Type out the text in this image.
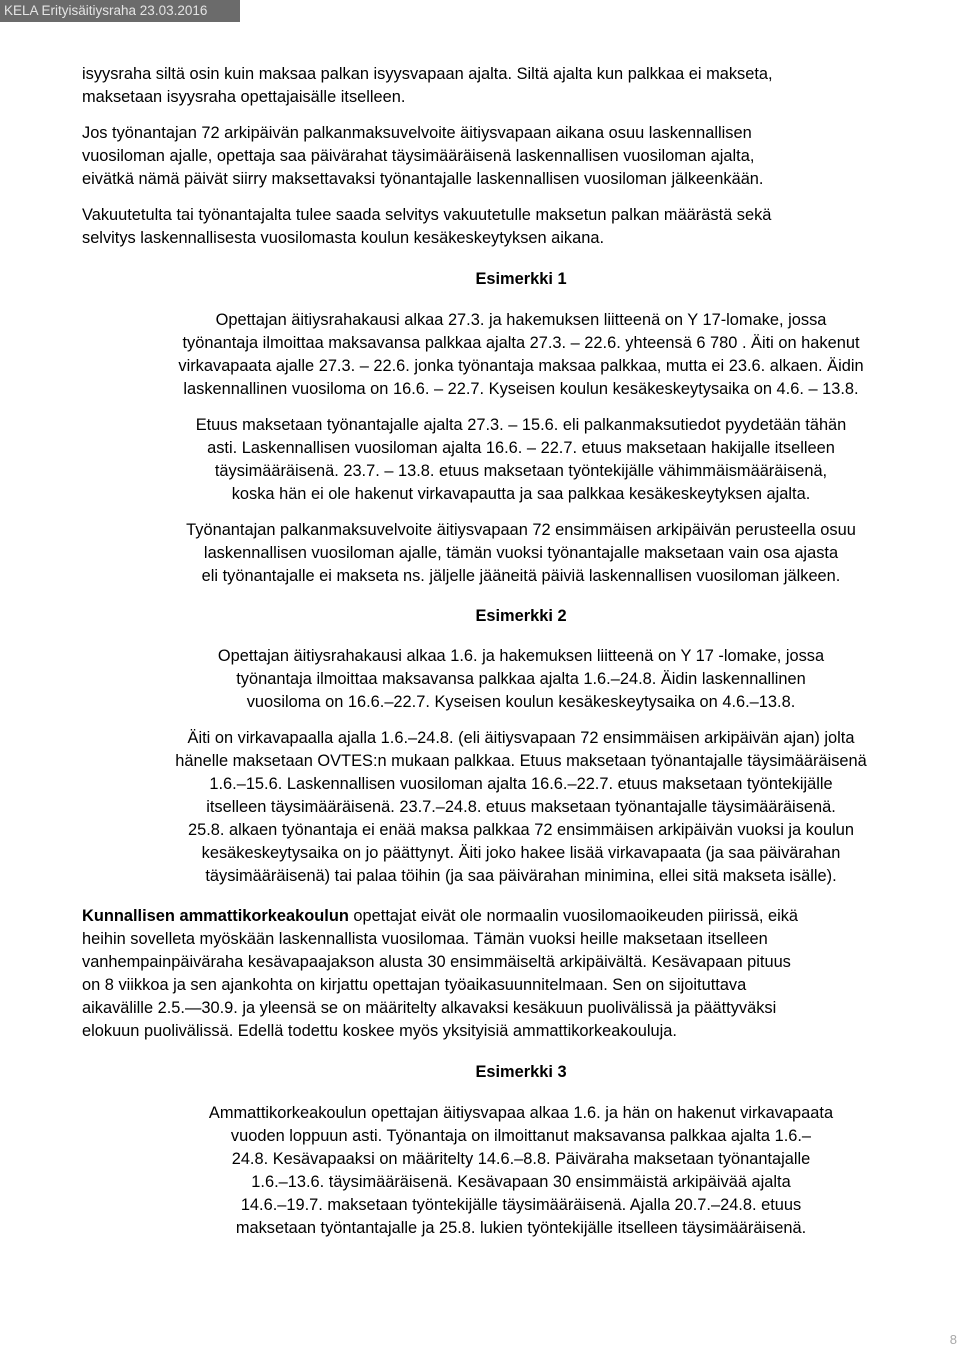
KELA Erityisäitiysraha 23.03.2016

isyysraha siltä osin kuin maksaa palkan isyysvapaan ajalta. Siltä ajalta kun palkkaa ei makseta,
maksetaan isyysraha opettajaisälle itselleen.

Jos työnantajan 72 arkipäivän palkanmaksuvelvoite äitiysvapaan aikana osuu laskennallisen
vuosiloman ajalle, opettaja saa päivärahat täysimääräisenä laskennallisen vuosiloman ajalta,
eivätkä nämä päivät siirry maksettavaksi työnantajalle laskennallisen vuosiloman jälkeenkään.

Vakuutetulta tai työnantajalta tulee saada selvitys vakuutetulle maksetun palkan määrästä sekä
selvitys laskennallisesta vuosilomasta koulun kesäkeskeytyksen aikana.

Esimerkki 1

Opettajan äitiysrahakausi alkaa 27.3. ja hakemuksen liitteenä on Y 17-lomake, jossa
työnantaja ilmoittaa maksavansa palkkaa ajalta 27.3. – 22.6. yhteensä 6 780 . Äiti on hakenut
virkavapaata ajalle 27.3. – 22.6. jonka työnantaja maksaa palkkaa, mutta ei 23.6. alkaen. Äidin
laskennallinen vuosiloma on 16.6. – 22.7. Kyseisen koulun kesäkeskeytysaika on 4.6. – 13.8.

Etuus maksetaan työnantajalle ajalta 27.3. – 15.6. eli palkanmaksutiedot pyydetään tähän
asti. Laskennallisen vuosiloman ajalta 16.6. – 22.7. etuus maksetaan hakijalle itselleen
täysimääräisenä. 23.7. – 13.8. etuus maksetaan työntekijälle vähimmäismääräisenä,
koska hän ei ole hakenut virkavapautta ja saa palkkaa kesäkeskeytyksen ajalta.

Työnantajan palkanmaksuvelvoite äitiysvapaan 72 ensimmäisen arkipäivän perusteella osuu
laskennallisen vuosiloman ajalle, tämän vuoksi työnantajalle maksetaan vain osa ajasta
eli työnantajalle ei makseta ns. jäljelle jääneitä päiviä laskennallisen vuosiloman jälkeen.

Esimerkki 2

Opettajan äitiysrahakausi alkaa 1.6. ja hakemuksen liitteenä on Y 17 -lomake, jossa
työnantaja ilmoittaa maksavansa palkkaa ajalta 1.6.–24.8. Äidin laskennallinen
vuosiloma on 16.6.–22.7. Kyseisen koulun kesäkeskeytysaika on 4.6.–13.8.

Äiti on virkavapaalla ajalla 1.6.–24.8. (eli äitiysvapaan 72 ensimmäisen arkipäivän ajan) jolta
hänelle maksetaan OVTES:n mukaan palkkaa. Etuus maksetaan työnantajalle täysimääräisenä
1.6.–15.6. Laskennallisen vuosiloman ajalta 16.6.–22.7. etuus maksetaan työntekijälle
itselleen täysimääräisenä. 23.7.–24.8. etuus maksetaan työnantajalle täysimääräisenä.
25.8. alkaen työnantaja ei enää maksa palkkaa 72 ensimmäisen arkipäivän vuoksi ja koulun
kesäkeskeytysaika on jo päättynyt. Äiti joko hakee lisää virkavapaata (ja saa päivärahan
täysimääräisenä) tai palaa töihin (ja saa päivärahan minimina, ellei sitä makseta isälle).

Kunnallisen ammattikorkeakoulun opettajat eivät ole normaalin vuosilomaoikeuden piirissä, eikä
heihin sovelleta myöskään laskennallista vuosilomaa. Tämän vuoksi heille maksetaan itselleen
vanhempainpäiväraha kesävapaajakson alusta 30 ensimmäiseltä arkipäivältä. Kesävapaan pituus
on 8 viikkoa ja sen ajankohta on kirjattu opettajan työaikasuunnitelmaan. Sen on sijoituttava
aikavälille 2.5.—30.9. ja yleensä se on määritelty alkavaksi kesäkuun puolivälissä ja päättyväksi
elokuun puolivälissä. Edellä todettu koskee myös yksityisiä ammattikorkeakouluja.

Esimerkki 3

Ammattikorkeakoulun opettajan äitiysvapaa alkaa 1.6. ja hän on hakenut virkavapaata
vuoden loppuun asti. Työnantaja on ilmoittanut maksavansa palkkaa ajalta 1.6.–
24.8. Kesävapaaksi on määritelty 14.6.–8.8. Päiväraha maksetaan työnantajalle
1.6.–13.6. täysimääräisenä. Kesävapaan 30 ensimmäistä arkipäivää ajalta
14.6.–19.7. maksetaan työntekijälle täysimääräisenä. Ajalla 20.7.–24.8. etuus
maksetaan työntantajalle ja 25.8. lukien työntekijälle itselleen täysimääräisenä.

8
